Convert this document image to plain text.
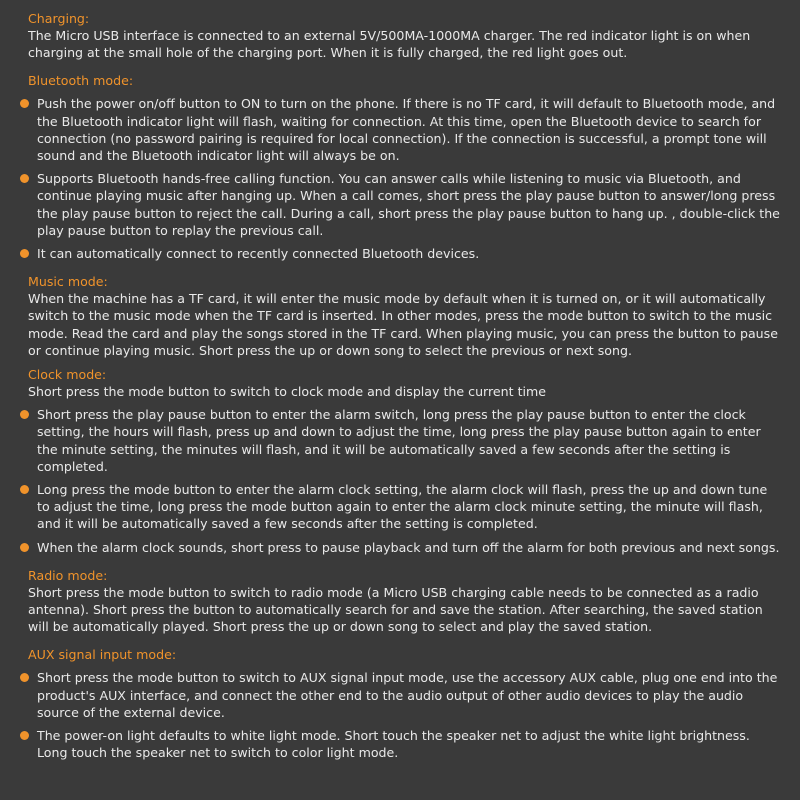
Charging:
The Micro USB interface is connected to an external 5V/500MA-1000MA charger. The red indicator light is on when charging at the small hole of the charging port. When it is fully charged, the red light goes out.
Bluetooth mode:
Push the power on/off button to ON to turn on the phone. If there is no TF card, it will default to Bluetooth mode, and the Bluetooth indicator light will flash, waiting for connection. At this time, open the Bluetooth device to search for connection (no password pairing is required for local connection). If the connection is successful, a prompt tone will sound and the Bluetooth indicator light will always be on.
Supports Bluetooth hands-free calling function. You can answer calls while listening to music via Bluetooth, and continue playing music after hanging up. When a call comes, short press the play pause button to answer/long press the play pause button to reject the call. During a call, short press the play pause button to hang up. , double-click the play pause button to replay the previous call.
It can automatically connect to recently connected Bluetooth devices.
Music mode:
When the machine has a TF card, it will enter the music mode by default when it is turned on, or it will automatically switch to the music mode when the TF card is inserted. In other modes, press the mode button to switch to the music mode. Read the card and play the songs stored in the TF card. When playing music, you can press the button to pause or continue playing music. Short press the up or down song to select the previous or next song.
Clock mode:
Short press the mode button to switch to clock mode and display the current time
Short press the play pause button to enter the alarm switch, long press the play pause button to enter the clock setting, the hours will flash, press up and down to adjust the time, long press the play pause button again to enter the minute setting, the minutes will flash, and it will be automatically saved a few seconds after the setting is completed.
Long press the mode button to enter the alarm clock setting, the alarm clock will flash, press the up and down tune to adjust the time, long press the mode button again to enter the alarm clock minute setting, the minute will flash, and it will be automatically saved a few seconds after the setting is completed.
When the alarm clock sounds, short press to pause playback and turn off the alarm for both previous and next songs.
Radio mode:
Short press the mode button to switch to radio mode (a Micro USB charging cable needs to be connected as a radio antenna). Short press the button to automatically search for and save the station. After searching, the saved station will be automatically played. Short press the up or down song to select and play the saved station.
AUX signal input mode:
Short press the mode button to switch to AUX signal input mode, use the accessory AUX cable, plug one end into the product's AUX interface, and connect the other end to the audio output of other audio devices to play the audio source of the external device.
The power-on light defaults to white light mode. Short touch the speaker net to adjust the white light brightness. Long touch the speaker net to switch to color light mode.
